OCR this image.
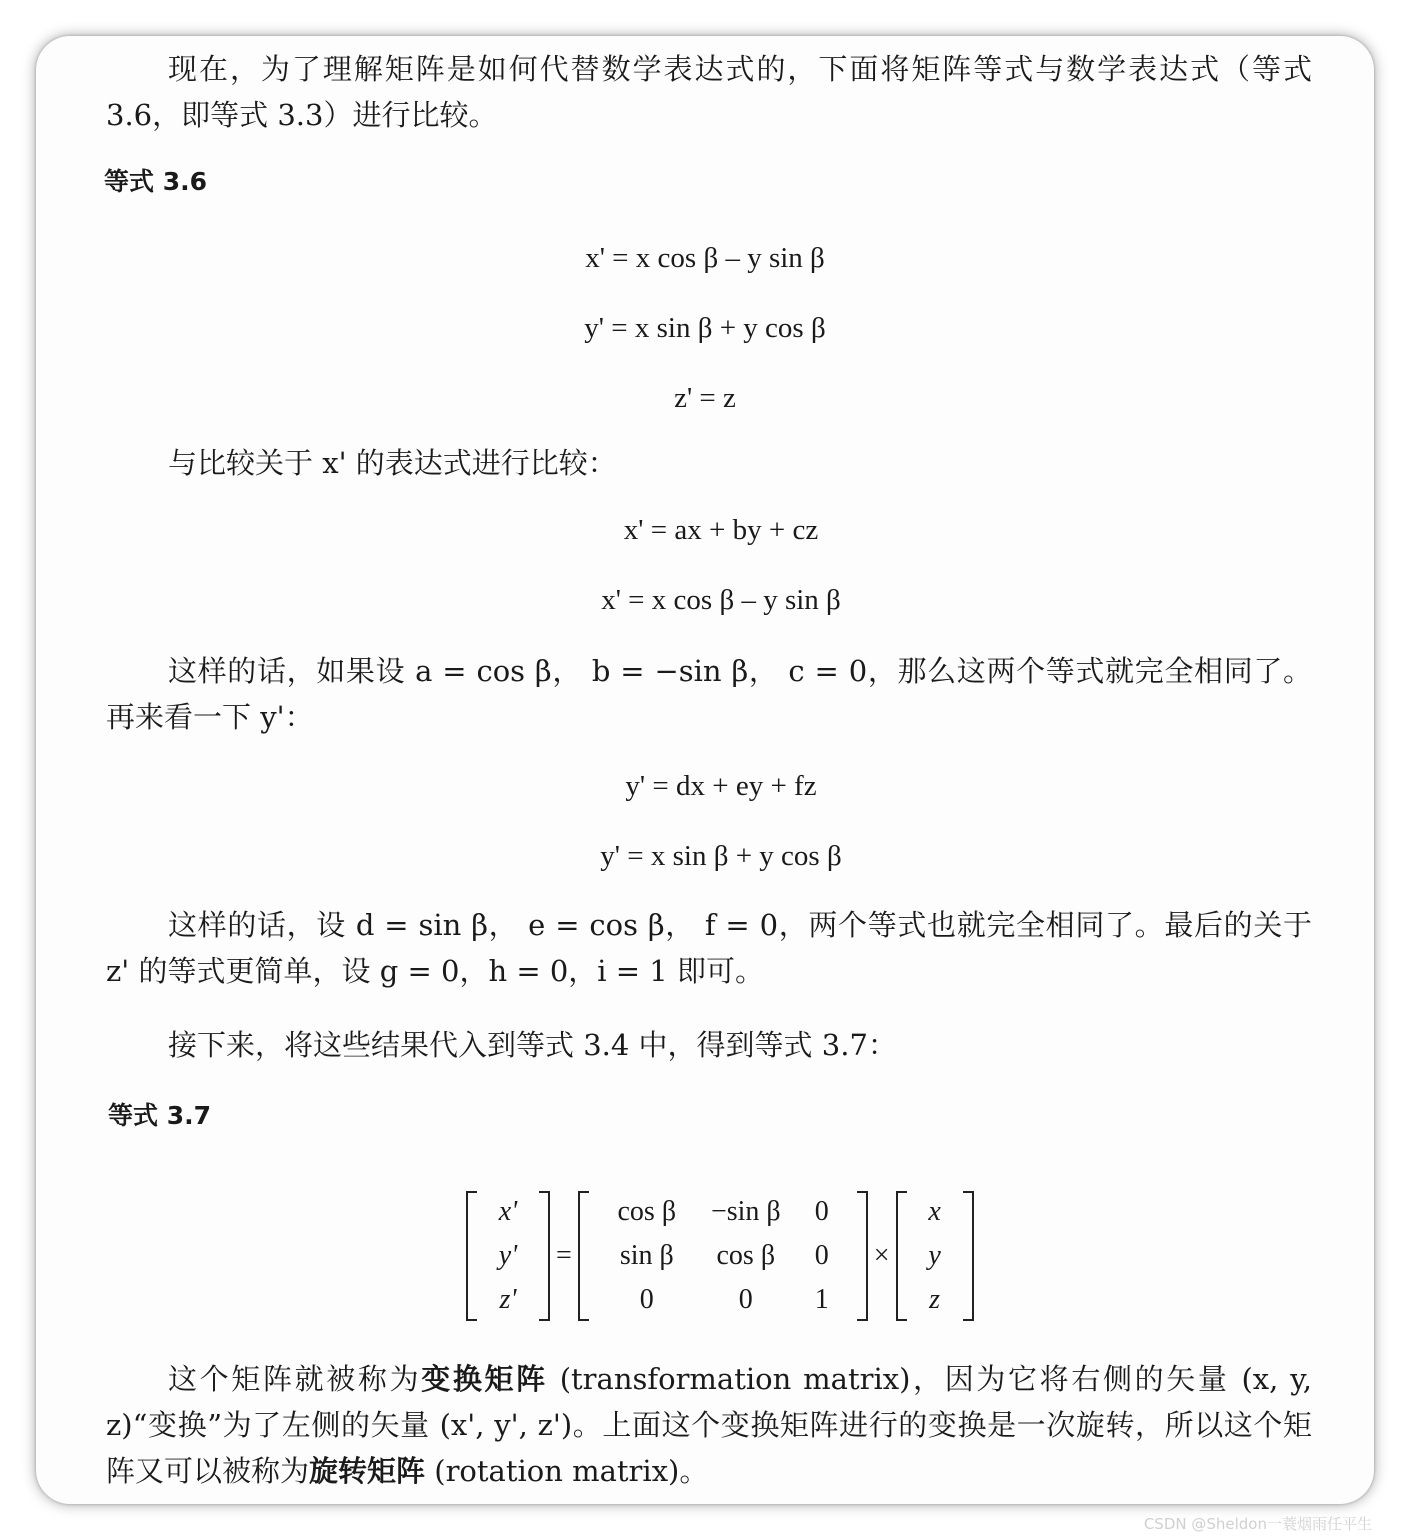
现在，为了理解矩阵是如何代替数学表达式的，下面将矩阵等式与数学表达式（等式 3.6，即等式 3.3）进行比较。

等式 3.6

x' = x cos β – y sin β

y' = x sin β + y cos β

z' = z

与比较关于 x' 的表达式进行比较：

x' = ax + by + cz

x' = x cos β – y sin β

这样的话，如果设 a = cos β， b = −sin β， c = 0，那么这两个等式就完全相同了。再来看一下 y'：

y' = dx + ey + fz

y' = x sin β + y cos β

这样的话，设 d = sin β， e = cos β， f = 0，两个等式也就完全相同了。最后的关于 z' 的等式更简单，设 g = 0，h = 0，i = 1 即可。

接下来，将这些结果代入到等式 3.4 中，得到等式 3.7：

等式 3.7

x'
y'
z'
=
cos β	−sin β	0
sin β	cos β	0
0	0	1
×
x
y
z

这个矩阵就被称为变换矩阵 (transformation matrix)，因为它将右侧的矢量 (x, y, z)“变换”为了左侧的矢量 (x', y', z')。上面这个变换矩阵进行的变换是一次旋转，所以这个矩阵又可以被称为旋转矩阵 (rotation matrix)。

CSDN @Sheldon一蓑烟雨任平生
